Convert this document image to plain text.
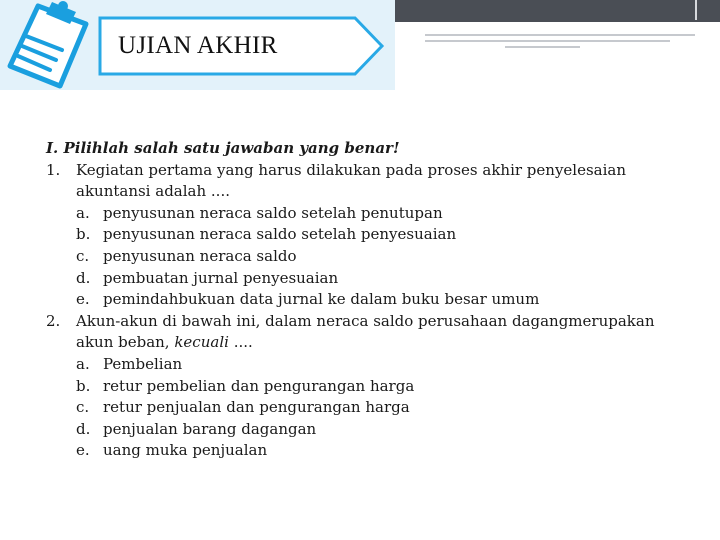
UJIAN AKHIR

I. Pilihlah salah satu jawaban yang benar!

1. Kegiatan pertama yang harus dilakukan pada proses akhir penyelesaian
akuntansi adalah ....
a. penyusunan neraca saldo setelah penutupan
b. penyusunan neraca saldo setelah penyesuaian
c. penyusunan neraca saldo
d. pembuatan jurnal penyesuaian
e. pemindahbukuan data jurnal ke dalam buku besar umum
2. Akun-akun di bawah ini, dalam neraca saldo perusahaan dagangmerupakan
akun beban, kecuali ....
a. Pembelian
b. retur pembelian dan pengurangan harga
c. retur penjualan dan pengurangan harga
d. penjualan barang dagangan
e. uang muka penjualan
